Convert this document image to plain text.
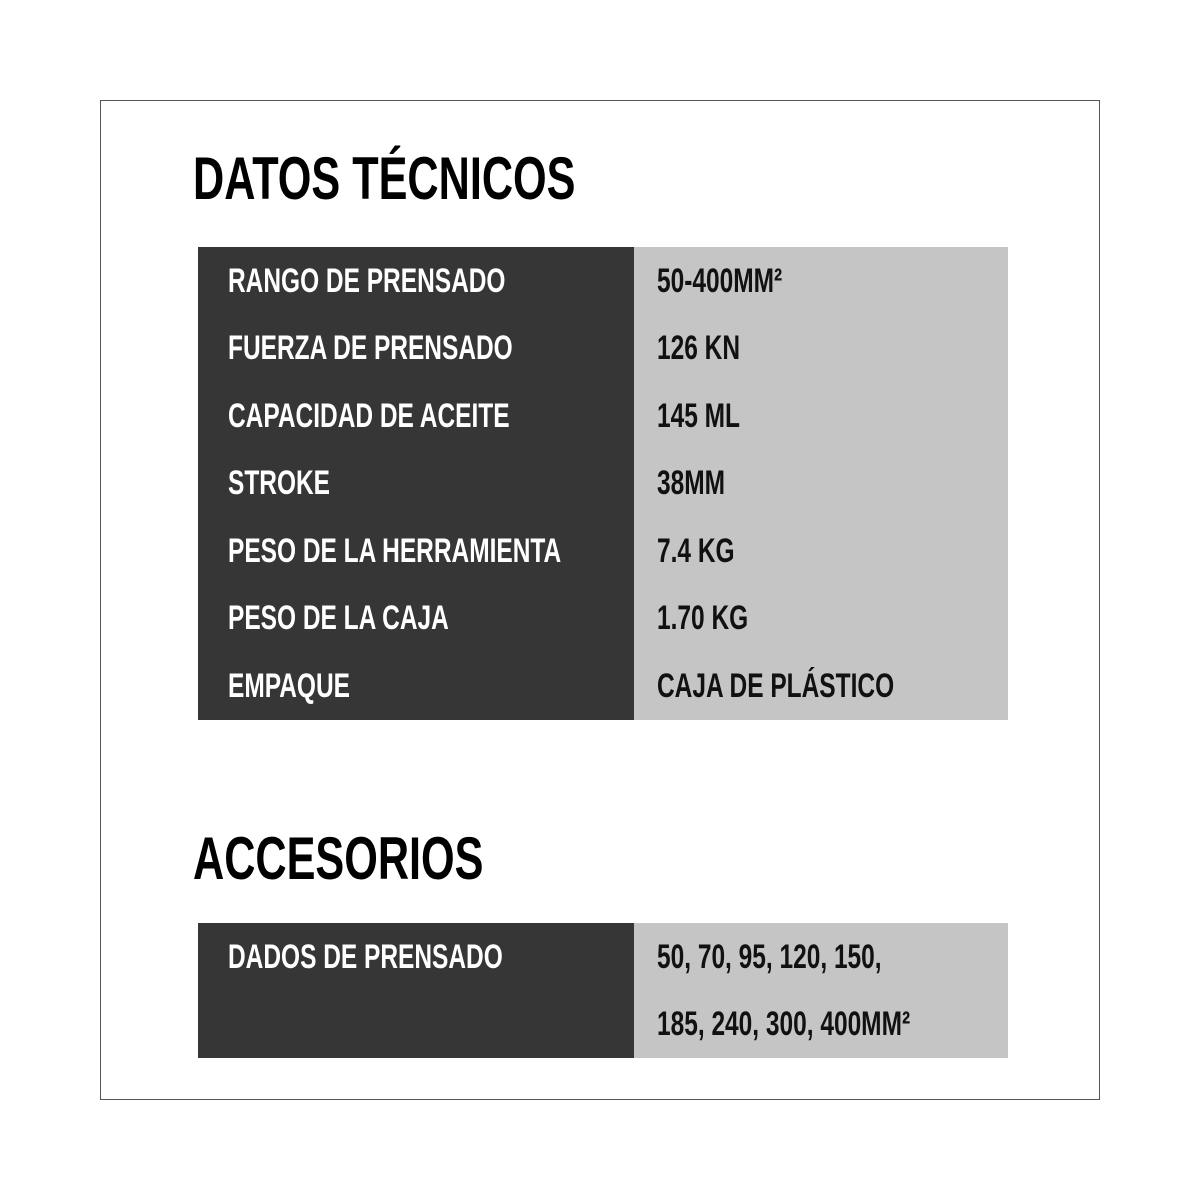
DATOS TÉCNICOS
RANGO DE PRENSADO
FUERZA DE PRENSADO
CAPACIDAD DE ACEITE
STROKE
PESO DE LA HERRAMIENTA
PESO DE LA CAJA
EMPAQUE
50-400MM²
126 KN
145 ML
38MM
7.4 KG
1.70 KG
CAJA DE PLÁSTICO
ACCESORIOS
DADOS DE PRENSADO	50, 70, 95, 120, 150,
185, 240, 300, 400MM²
